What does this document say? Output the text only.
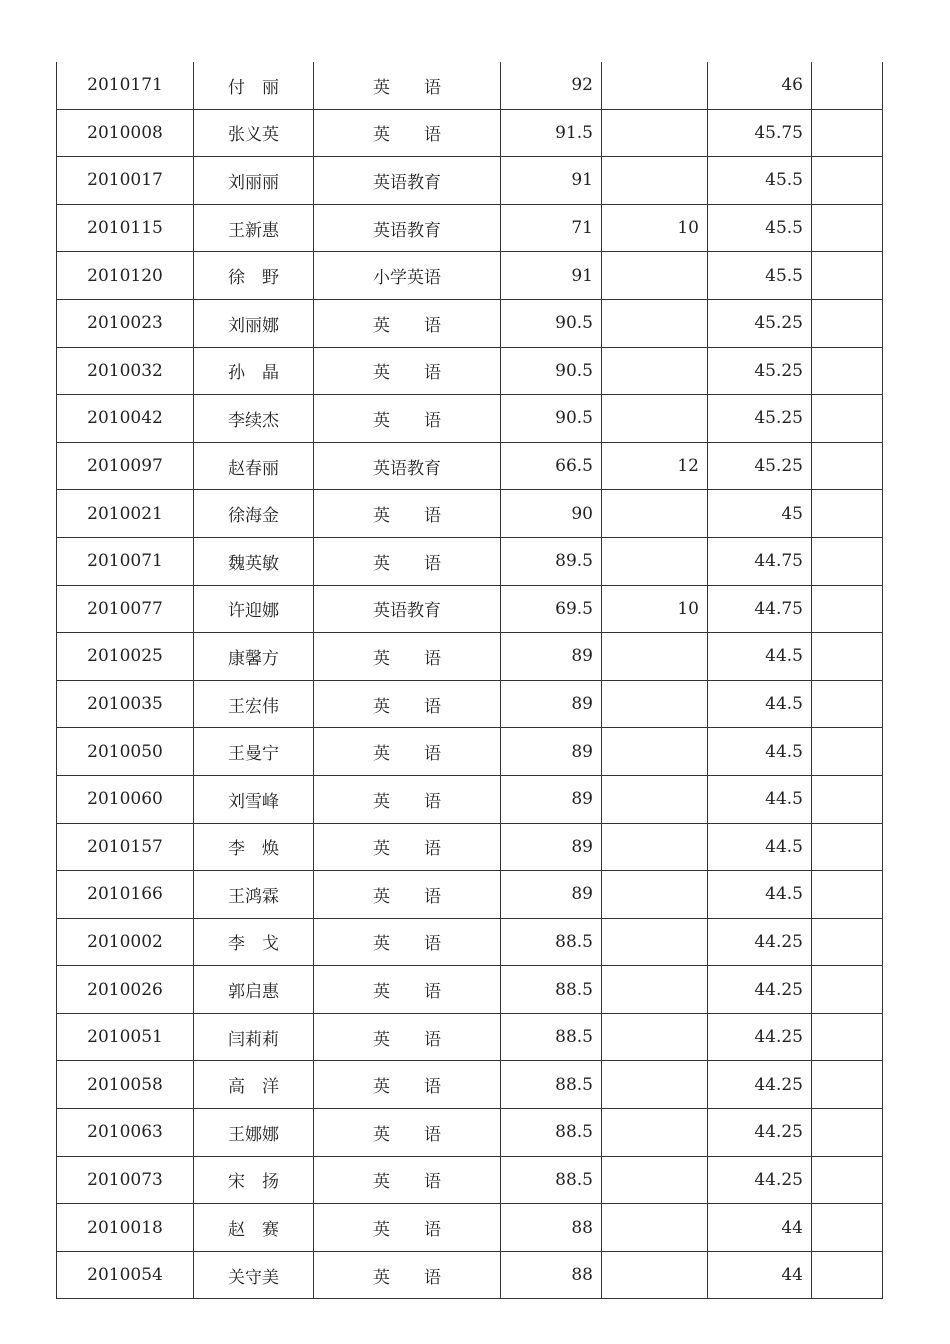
2010171	付　丽	英　　语	92		46	
2010008	张义英	英　　语	91.5		45.75	
2010017	刘丽丽	英语教育	91		45.5	
2010115	王新惠	英语教育	71	10	45.5	
2010120	徐　野	小学英语	91		45.5	
2010023	刘丽娜	英　　语	90.5		45.25	
2010032	孙　晶	英　　语	90.5		45.25	
2010042	李续杰	英　　语	90.5		45.25	
2010097	赵春丽	英语教育	66.5	12	45.25	
2010021	徐海金	英　　语	90		45	
2010071	魏英敏	英　　语	89.5		44.75	
2010077	许迎娜	英语教育	69.5	10	44.75	
2010025	康馨方	英　　语	89		44.5	
2010035	王宏伟	英　　语	89		44.5	
2010050	王曼宁	英　　语	89		44.5	
2010060	刘雪峰	英　　语	89		44.5	
2010157	李　焕	英　　语	89		44.5	
2010166	王鸿霖	英　　语	89		44.5	
2010002	李　戈	英　　语	88.5		44.25	
2010026	郭启惠	英　　语	88.5		44.25	
2010051	闫莉莉	英　　语	88.5		44.25	
2010058	高　洋	英　　语	88.5		44.25	
2010063	王娜娜	英　　语	88.5		44.25	
2010073	宋　扬	英　　语	88.5		44.25	
2010018	赵　赛	英　　语	88		44	
2010054	关守美	英　　语	88		44	
